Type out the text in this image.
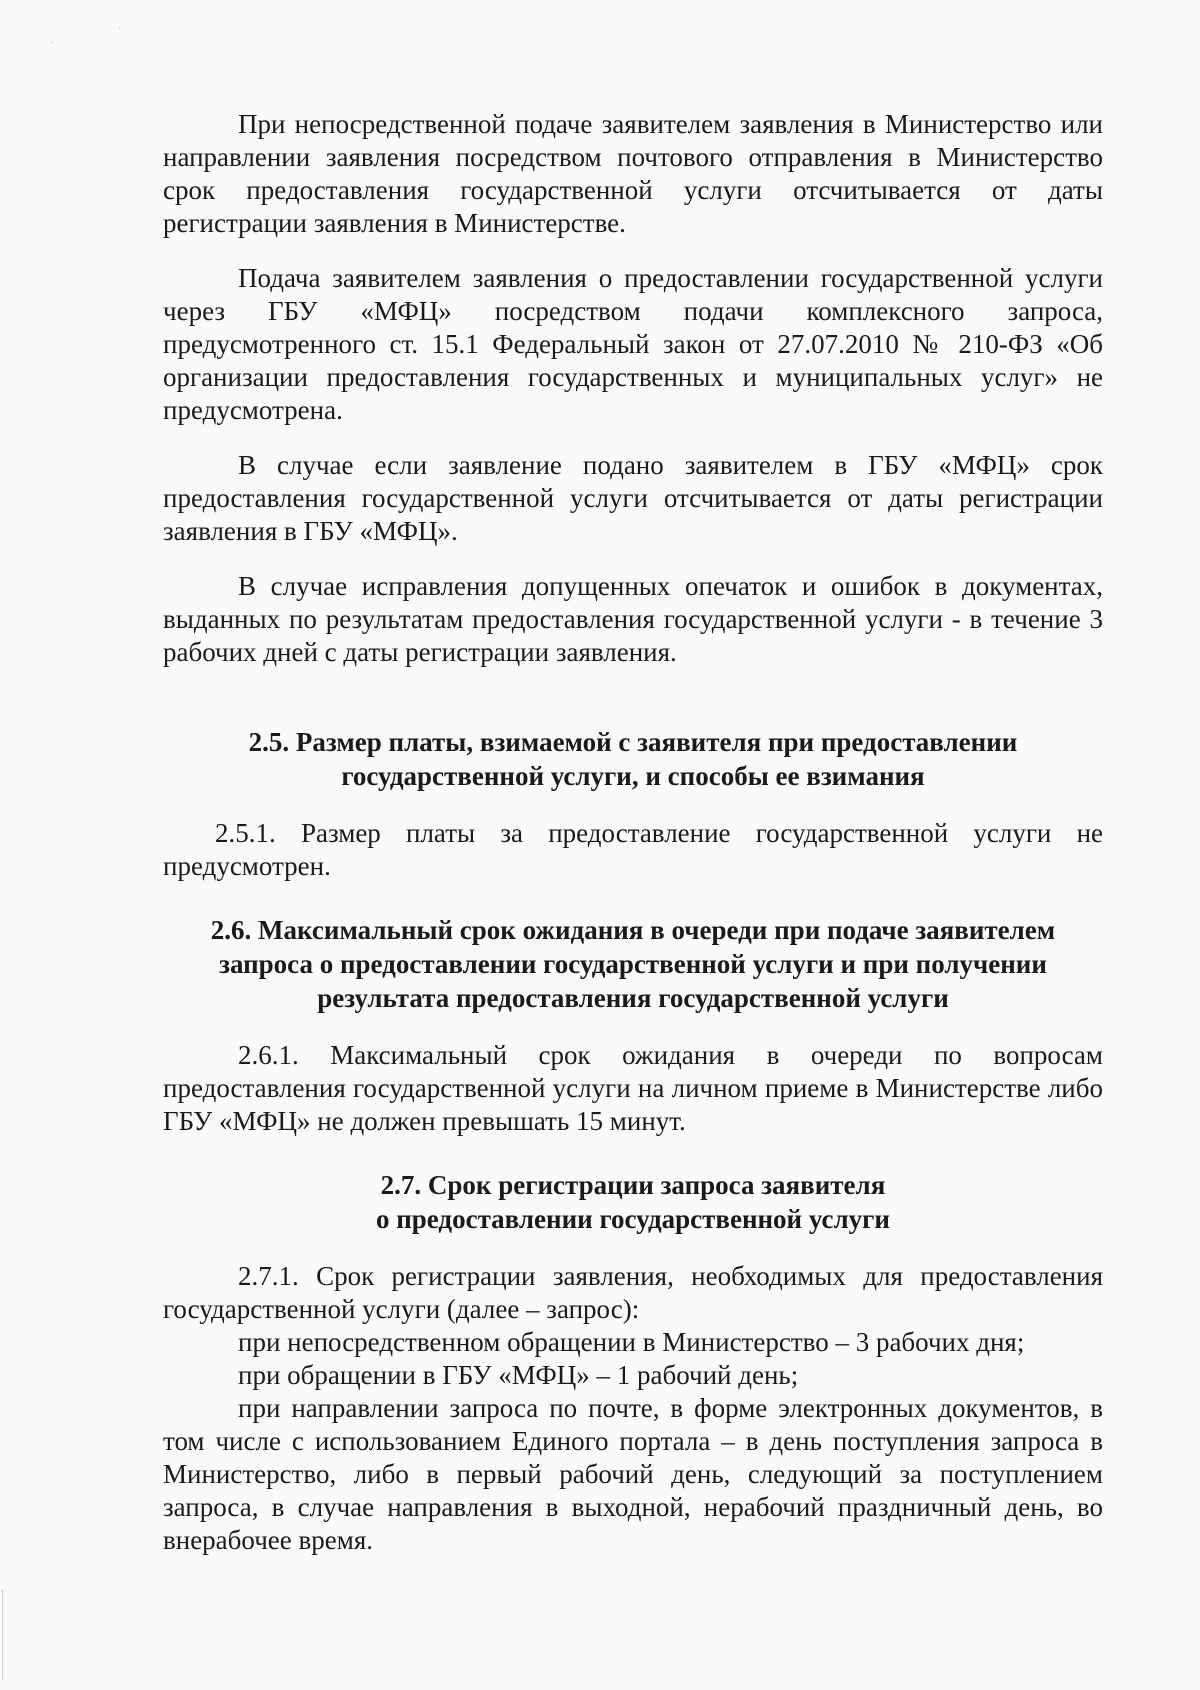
·
·

При непосредственной подаче заявителем заявления в Министерство или направлении заявления посредством почтового отправления в Министерство срок предоставления государственной услуги отсчитывается от даты регистрации заявления в Министерстве.

Подача заявителем заявления о предоставлении государственной услуги через ГБУ «МФЦ» посредством подачи комплексного запроса, предусмотренного ст. 15.1 Федеральный закон от 27.07.2010 № 210-ФЗ «Об организации предоставления государственных и муниципальных услуг» не предусмотрена.

В случае если заявление подано заявителем в ГБУ «МФЦ» срок предоставления государственной услуги отсчитывается от даты регистрации заявления в ГБУ «МФЦ».

В случае исправления допущенных опечаток и ошибок в документах, выданных по результатам предоставления государственной услуги - в течение 3 рабочих дней с даты регистрации заявления.

2.5. Размер платы, взимаемой с заявителя при предоставлении
государственной услуги, и способы ее взимания

2.5.1. Размер платы за предоставление государственной услуги не предусмотрен.

2.6. Максимальный срок ожидания в очереди при подаче заявителем
запроса о предоставлении государственной услуги и при получении
результата предоставления государственной услуги

2.6.1. Максимальный срок ожидания в очереди по вопросам предоставления государственной услуги на личном приеме в Министерстве либо ГБУ «МФЦ» не должен превышать 15 минут.

2.7. Срок регистрации запроса заявителя
о предоставлении государственной услуги

2.7.1. Срок регистрации заявления, необходимых для предоставления государственной услуги (далее – запрос):

при непосредственном обращении в Министерство – 3 рабочих дня;

при обращении в ГБУ «МФЦ» – 1 рабочий день;

при направлении запроса по почте, в форме электронных документов, в том числе с использованием Единого портала – в день поступления запроса в Министерство, либо в первый рабочий день, следующий за поступлением запроса, в случае направления в выходной, нерабочий праздничный день, во внерабочее время.
